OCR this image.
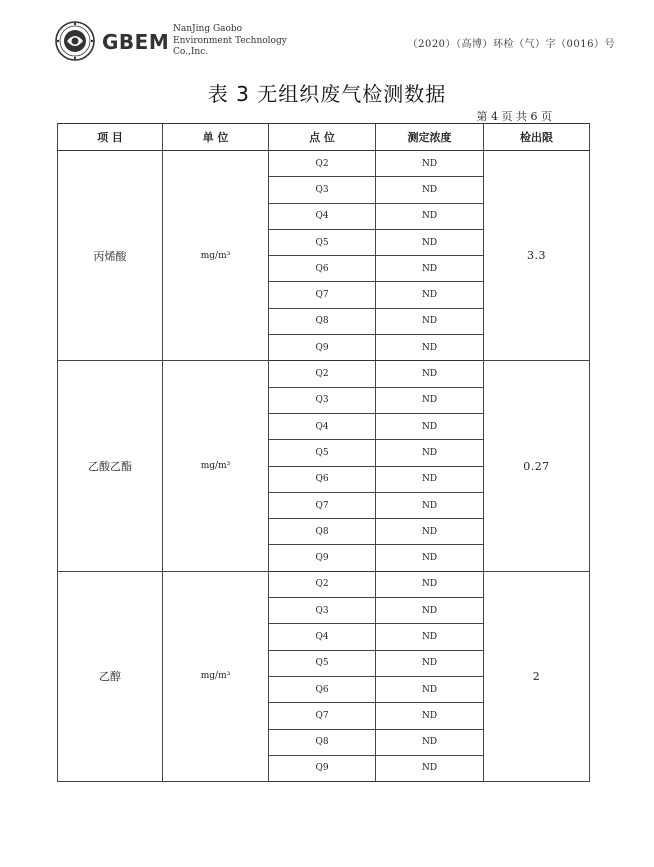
GBEM
NanJing Gaobo
Environment Technology
Co.,Inc.
（2020）（高博）环检（气）字（0016）号
表 3 无组织废气检测数据
第 4 页 共 6 页
项 目	单 位	点 位	测定浓度	检出限
丙烯酸	mg/m³	Q2	ND	3.3
		Q3	ND	
		Q4	ND	
		Q5	ND	
		Q6	ND	
		Q7	ND	
		Q8	ND	
		Q9	ND	
乙酸乙酯	mg/m³	Q2	ND	0.27
		Q3	ND	
		Q4	ND	
		Q5	ND	
		Q6	ND	
		Q7	ND	
		Q8	ND	
		Q9	ND	
乙醇	mg/m³	Q2	ND	2
		Q3	ND	
		Q4	ND	
		Q5	ND	
		Q6	ND	
		Q7	ND	
		Q8	ND	
		Q9	ND	
